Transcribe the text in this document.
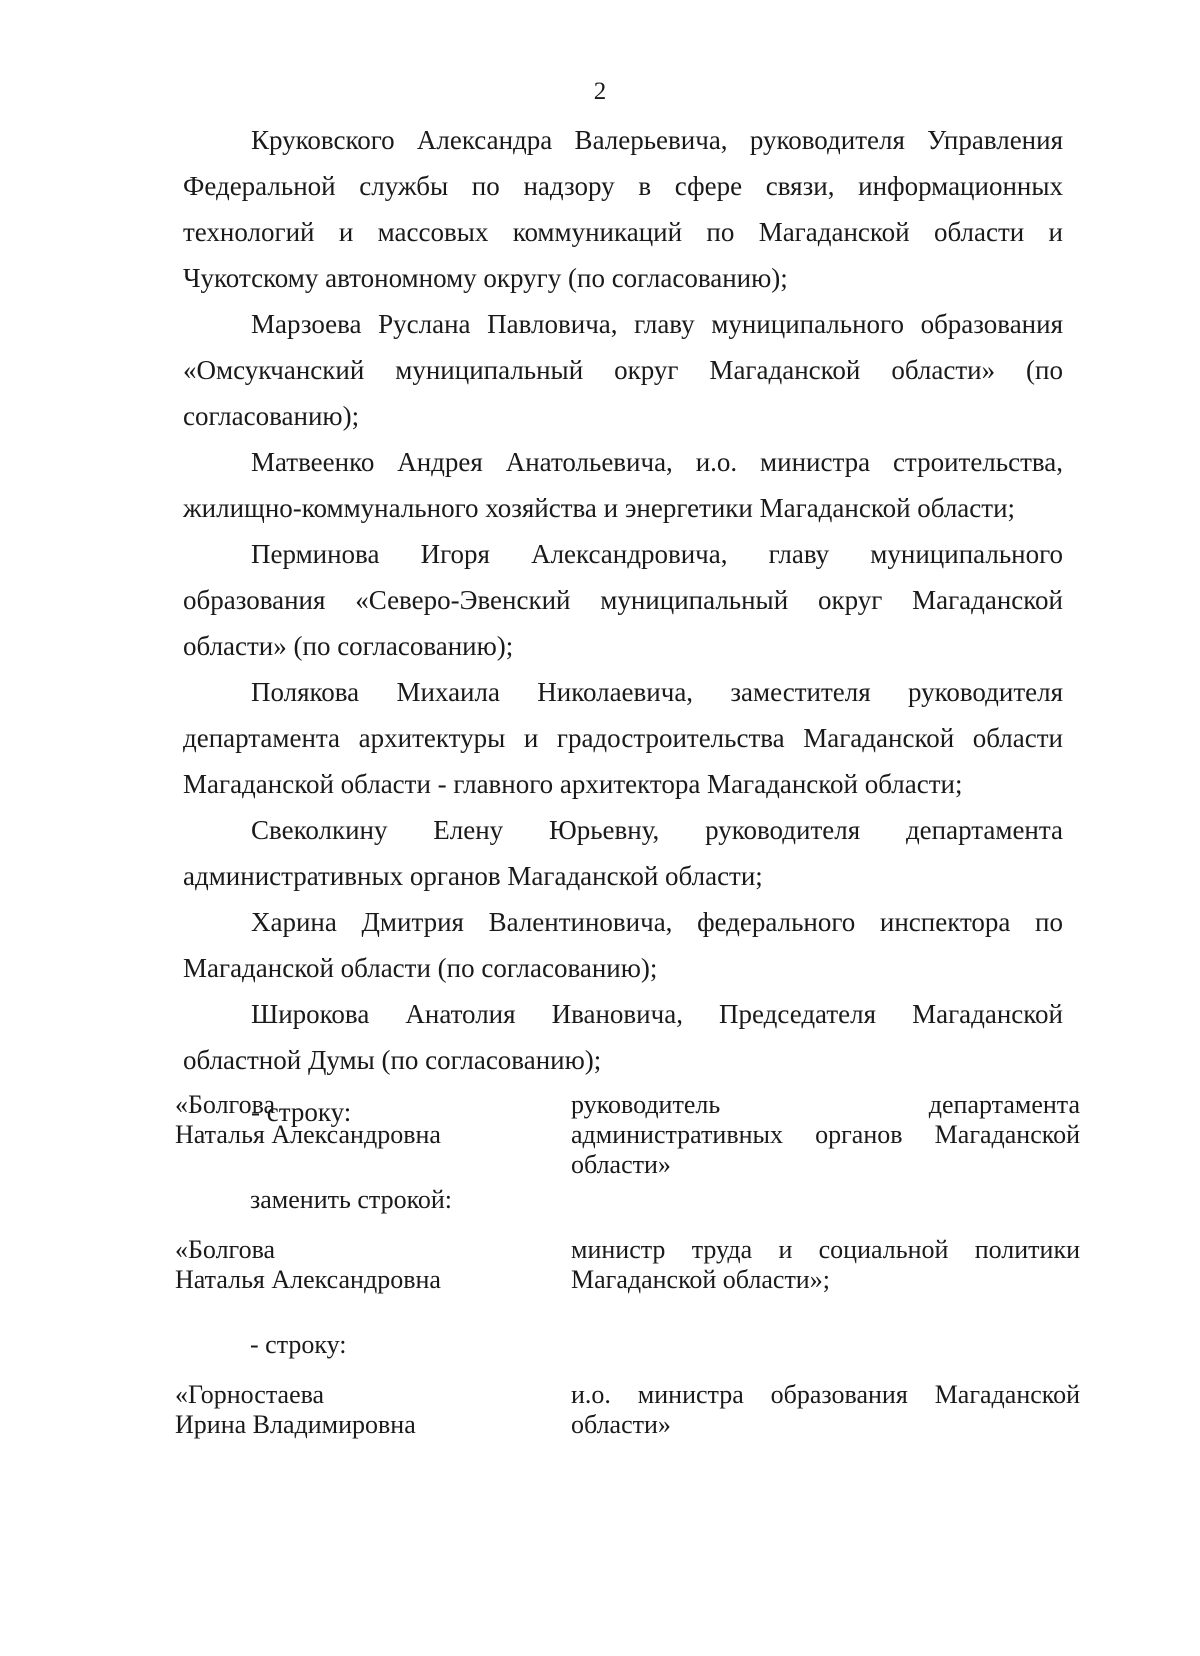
2

Круковского Александра Валерьевича, руководителя Управления Федеральной службы по надзору в сфере связи, информационных технологий и массовых коммуникаций по Магаданской области и Чукотскому автономному округу (по согласованию);

Марзоева Руслана Павловича, главу муниципального образования «Омсукчанский муниципальный округ Магаданской области» (по согласованию);

Матвеенко Андрея Анатольевича, и.о. министра строительства, жилищно-коммунального хозяйства и энергетики Магаданской области;

Перминова Игоря Александровича, главу муниципального образования «Северо-Эвенский муниципальный округ Магаданской области» (по согласованию);

Полякова Михаила Николаевича, заместителя руководителя департамента архитектуры и градостроительства Магаданской области Магаданской области - главного архитектора Магаданской области;

Свеколкину Елену Юрьевну, руководителя департамента административных органов Магаданской области;

Харина Дмитрия Валентиновича, федерального инспектора по Магаданской области (по согласованию);

Широкова Анатолия Ивановича, Председателя Магаданской областной Думы (по согласованию);

- строку:

«Болгова
Наталья Александровна
руководитель департамента административных органов Магаданской области»
заменить строкой:
«Болгова
Наталья Александровна
министр труда и социальной политики Магаданской области»;
- строку:
«Горностаева
Ирина Владимировна
и.о. министра образования Магаданской области»
